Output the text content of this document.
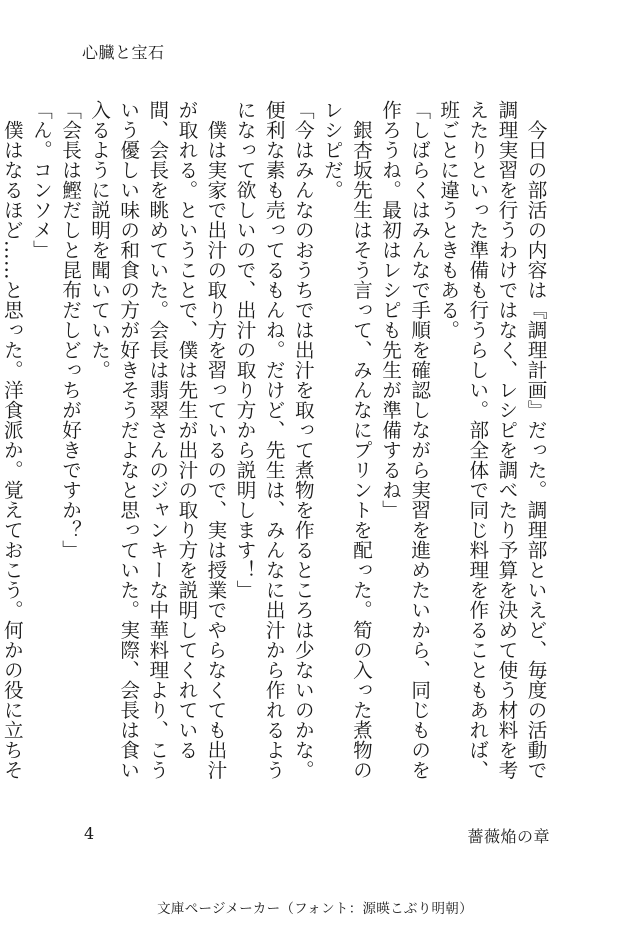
心臓と宝石

今日の部活の内容は『調理計画』だった。調理部といえど、毎度の活動で調理実習を行うわけではなく、レシピを調べたり予算を決めて使う材料を考えたりといった準備も行うらしい。部全体で同じ料理を作ることもあれば、班ごとに違うときもある。

「しばらくはみんなで手順を確認しながら実習を進めたいから、同じものを作ろうね。最初はレシピも先生が準備するね」

銀杏坂先生はそう言って、みんなにプリントを配った。筍の入った煮物のレシピだ。

「今はみんなのおうちでは出汁を取って煮物を作るところは少ないのかな。便利な素も売ってるもんね。だけど、先生は、みんなに出汁から作れるようになって欲しいので、出汁の取り方から説明します！」

僕は実家で出汁の取り方を習っているので、実は授業でやらなくても出汁が取れる。ということで、僕は先生が出汁の取り方を説明してくれている間、会長を眺めていた。会長は翡翠さんのジャンキーな中華料理より、こういう優しい味の和食の方が好きそうだよなと思っていた。実際、会長は食い入るように説明を聞いていた。

「会長は鰹だしと昆布だしどっちが好きですか？」

「ん。コンソメ」

僕はなるほど……と思った。洋食派か。覚えておこう。何かの役に立ちそ

4	薔薇焔の章
文庫ページメーカー（フォント：源暎こぶり明朝）
